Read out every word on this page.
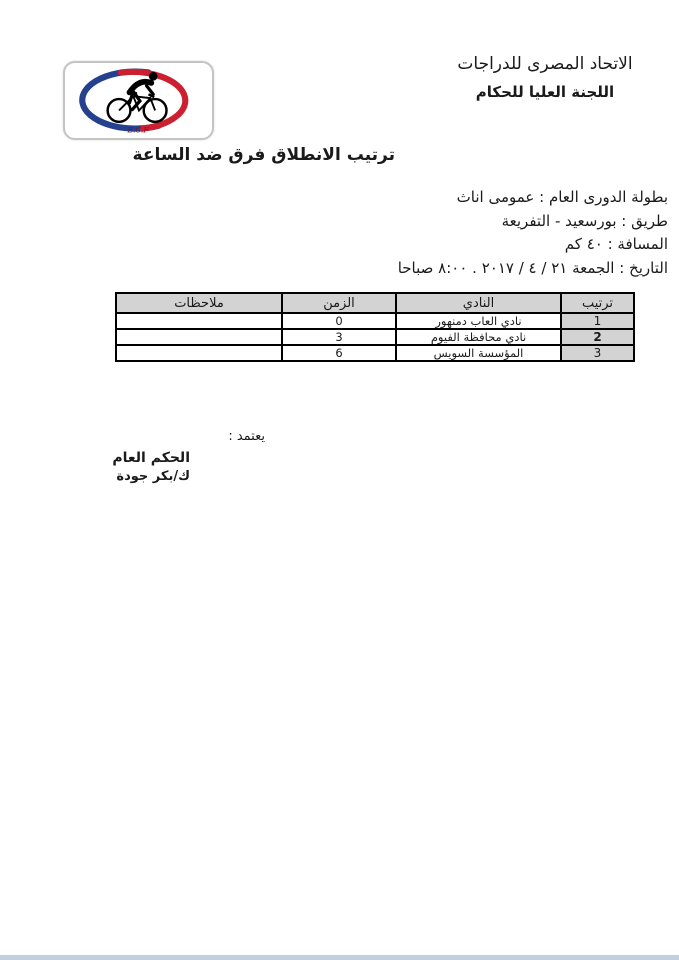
E.C.F
الاتحاد المصرى للدراجات
اللجنة العليا للحكام
ترتيب الانطلاق فرق ضد الساعة
بطولة الدورى العام : عمومى اناث
طريق : بورسعيد - التفريعة
المسافة : ٤٠ كم
التاريخ : الجمعة ٢١ / ٤ / ٢٠١٧ . ٨:٠٠ صباحا
ترتيب	النادي	الزمن	ملاحظات
1	نادي العاب دمنهور	0	
2	نادي محافظة الفيوم	3	
3	المؤسسة السويس	6	
يعتمد :
الحكم العام
ك/بكر جودة
